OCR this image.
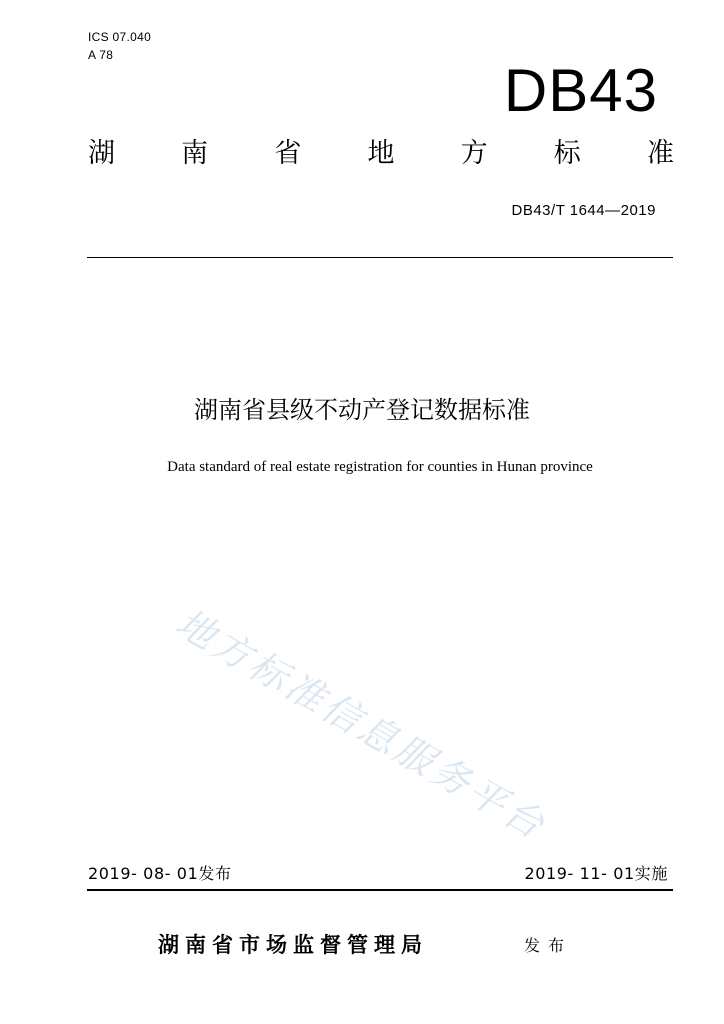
ICS 07.040
A 78
DB43
湖 南 省 地 方 标 准
DB43/T 1644—2019
湖南省县级不动产登记数据标准
Data standard of real estate registration for counties in Hunan province
地方标准信息服务平台
2019- 08- 01发布	2019- 11- 01实施
湖南省市场监督管理局	发布
